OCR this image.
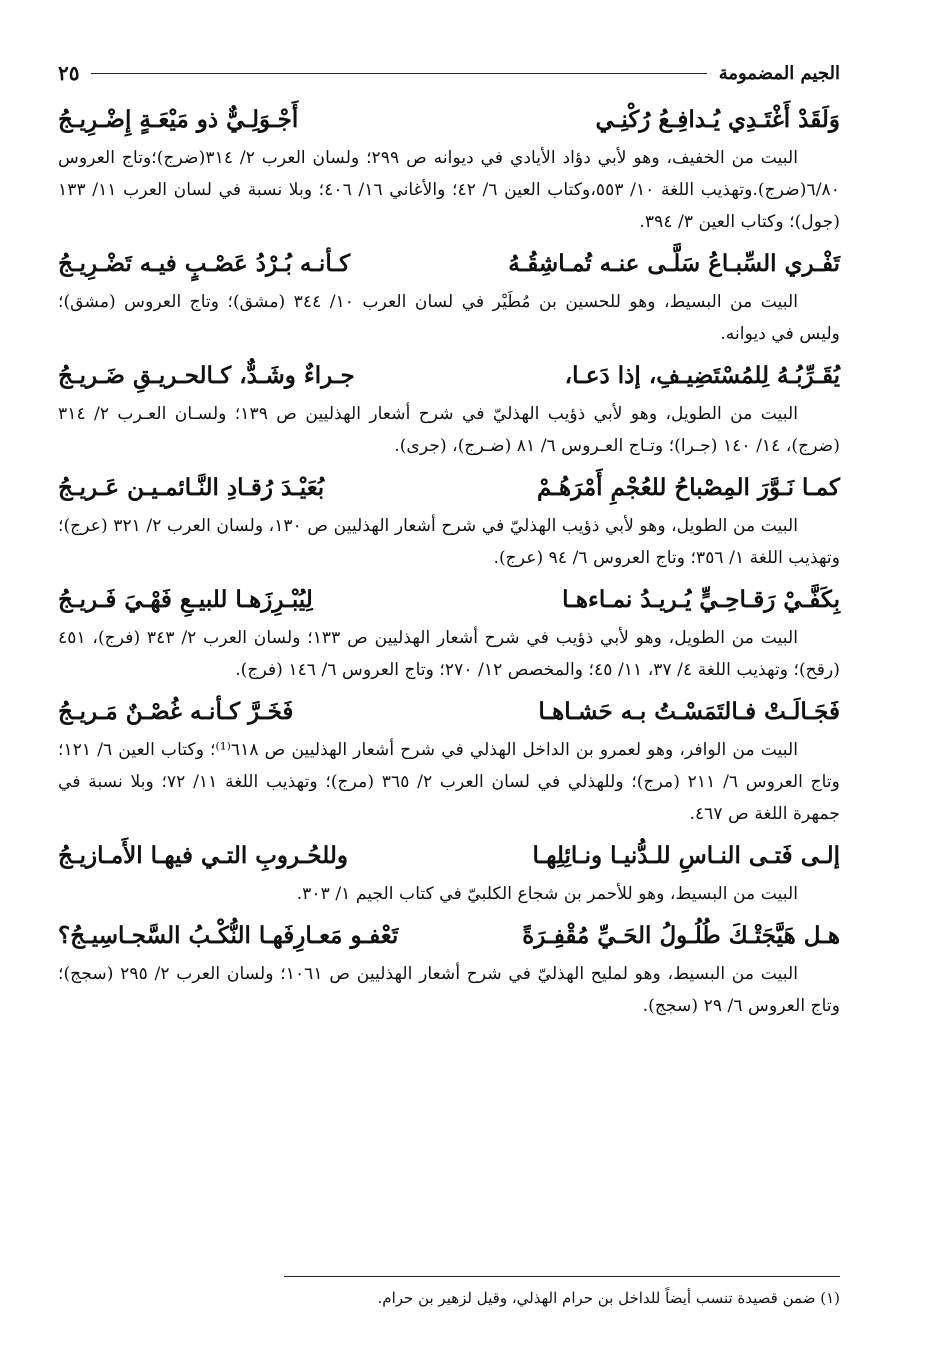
الجيم المضمومة
٢٥
وَلَقَدْ أَغْتَـدِي يُـدافِـعُ رُكْنِـي
أَجْـوَلِـيٌّ ذو مَيْعَـةٍ إِضْـرِيـجُ

البيت من الخفيف، وهو لأبي دؤاد الأيادي في ديوانه ص ٢٩٩؛ ولسان العرب ٢/ ٣١٤(ضرج)؛وتاج العروس ٦/٨٠(ضرج).وتهذيب اللغة ١٠/ ٥٥٣،وكتاب العين ٦/ ٤٢؛ والأغاني ١٦/ ٤٠٦؛ وبلا نسبة في لسان العرب ١١/ ١٣٣ (جول)؛ وكتاب العين ٣/ ٣٩٤.

تَفْـري السِّبـاعُ سَلَّـى عنـه تُمـاشِقُـهُ
كـأنـه بُـرْدُ عَصْـبٍ فيـه تَضْـرِيـجُ

البيت من البسيط، وهو للحسين بن مُطَيْر في لسان العرب ١٠/ ٣٤٤ (مشق)؛ وتاج العروس (مشق)؛ وليس في ديوانه.

يُقَـرِّبُـهُ لِلمُسْتَضِيـفِ، إذا دَعـا،
جـراءٌ وشَـدٌّ، كـالحـريـقِ ضَـريـجُ

البيت من الطويل، وهو لأبي ذؤيب الهذليّ في شرح أشعار الهذليين ص ١٣٩؛ ولسـان العـرب ٢/ ٣١٤ (ضرج)، ١٤/ ١٤٠ (جـرا)؛ وتـاج العـروس ٦/ ٨١ (ضـرج)، (جرى).

كمـا نَـوَّرَ المِصْباحُ للعُجْمِ أَمْرَهُـمْ
بُعَيْـدَ رُقـادِ النَّـائمـيـن عَـريـجُ

البيت من الطويل، وهو لأبي ذؤيب الهذليّ في شرح أشعار الهذليين ص ١٣٠، ولسان العرب ٢/ ٣٢١ (عرج)؛ وتهذيب اللغة ١/ ٣٥٦؛ وتاج العروس ٦/ ٩٤ (عرج).

بِكَفَّـيْ رَقـاحِـيٍّ يُـريـدُ نمـاءهـا
لِيُبْـرِزَهـا للبيـعِ فَهْـيَ فَـريـجُ

البيت من الطويل، وهو لأبي ذؤيب في شرح أشعار الهذليين ص ١٣٣؛ ولسان العرب ٢/ ٣٤٣ (فرج)، ٤٥١ (رقح)؛ وتهذيب اللغة ٤/ ٣٧، ١١/ ٤٥؛ والمخصص ١٢/ ٢٧٠؛ وتاج العروس ٦/ ١٤٦ (فرج).

فَجَـالَـتْ فـالتَمَسْـتُ بـه حَشـاهـا
فَخَـرَّ كـأنـه غُصْـنٌ مَـريـجُ

البيت من الوافر، وهو لعمرو بن الداخل الهذلي في شرح أشعار الهذليين ص ٦١٨⁽¹⁾؛ وكتاب العين ٦/ ١٢١؛ وتاج العروس ٦/ ٢١١ (مرج)؛ وللهذلي في لسان العرب ٢/ ٣٦٥ (مرج)؛ وتهذيب اللغة ١١/ ٧٢؛ وبلا نسبة في جمهرة اللغة ص ٤٦٧.

إلـى فَتـى النـاسِ للـدُّنيـا ونـائِلِهـا
وللحُـروبِ التـي فيهـا الأَمـازيـجُ

البيت من البسيط، وهو للأحمر بن شجاع الكلبيّ في كتاب الجيم ١/ ٣٠٣.

هـل هَيَّجَتْـكَ طُلُـولُ الحَـيِّ مُقْفِـرَةً
تَعْفـو مَعـارِفَهـا النُّكْـبُ السَّجـاسِيـجُ؟

البيت من البسيط، وهو لمليح الهذليّ في شرح أشعار الهذليين ص ١٠٦١؛ ولسان العرب ٢/ ٢٩٥ (سجج)؛ وتاج العروس ٦/ ٢٩ (سجج).

(١) ضمن قصيدة تنسب أيضاً للداخل بن حرام الهذلي، وقيل لزهير بن حرام.
